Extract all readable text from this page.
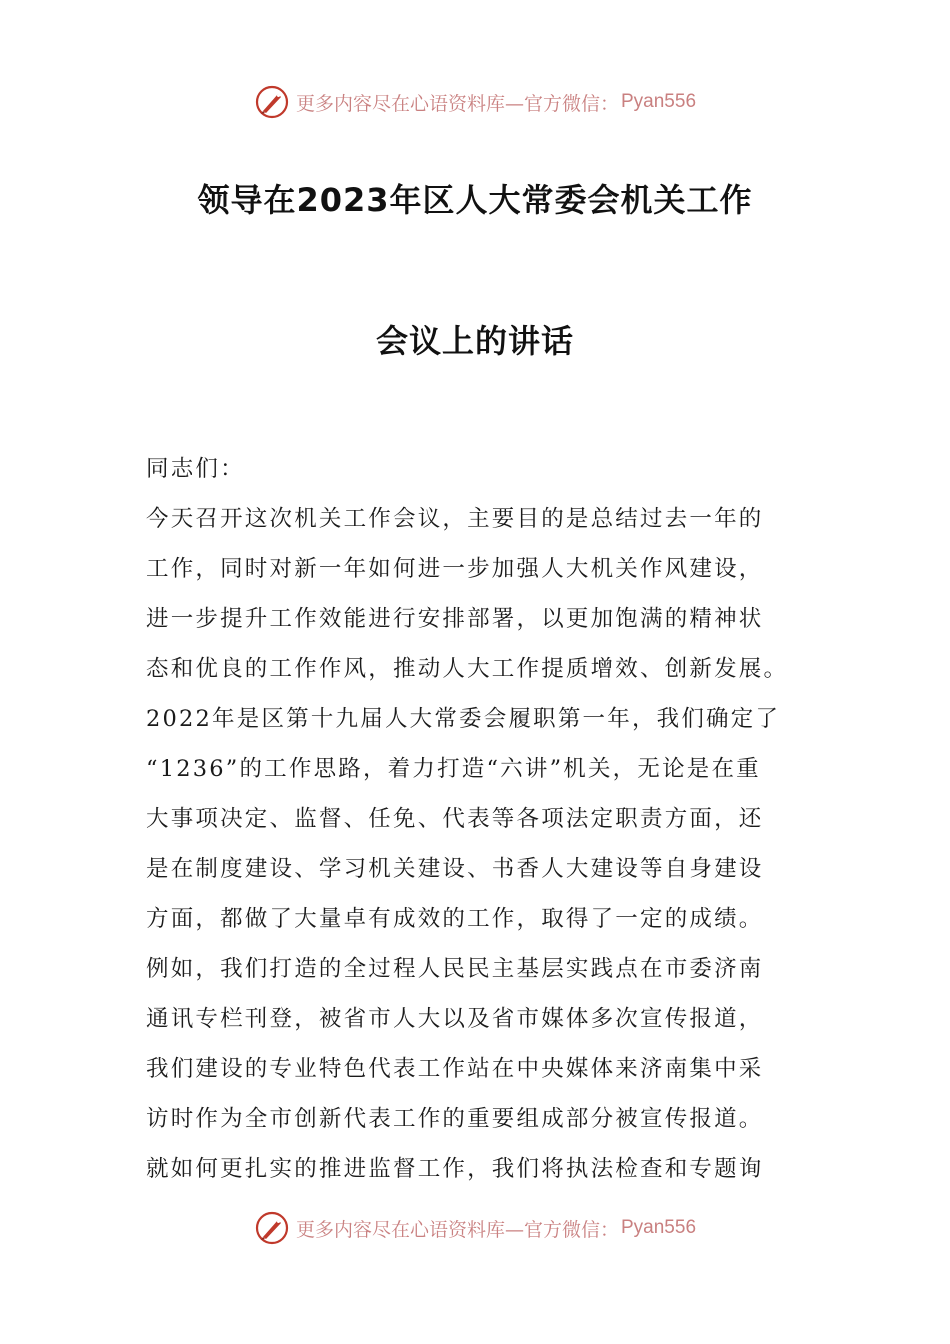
更多内容尽在心语资料库—官方微信： Pyan556
领导在2023年区人大常委会机关工作
会议上的讲话
同志们：
今天召开这次机关工作会议，主要目的是总结过去一年的
工作，同时对新一年如何进一步加强人大机关作风建设，
进一步提升工作效能进行安排部署，以更加饱满的精神状
态和优良的工作作风，推动人大工作提质增效、创新发展。
2022年是区第十九届人大常委会履职第一年，我们确定了
“1236”的工作思路，着力打造“六讲”机关，无论是在重
大事项决定、监督、任免、代表等各项法定职责方面，还
是在制度建设、学习机关建设、书香人大建设等自身建设
方面，都做了大量卓有成效的工作，取得了一定的成绩。
例如，我们打造的全过程人民民主基层实践点在市委济南
通讯专栏刊登，被省市人大以及省市媒体多次宣传报道，
我们建设的专业特色代表工作站在中央媒体来济南集中采
访时作为全市创新代表工作的重要组成部分被宣传报道。
就如何更扎实的推进监督工作，我们将执法检查和专题询
更多内容尽在心语资料库—官方微信： Pyan556
